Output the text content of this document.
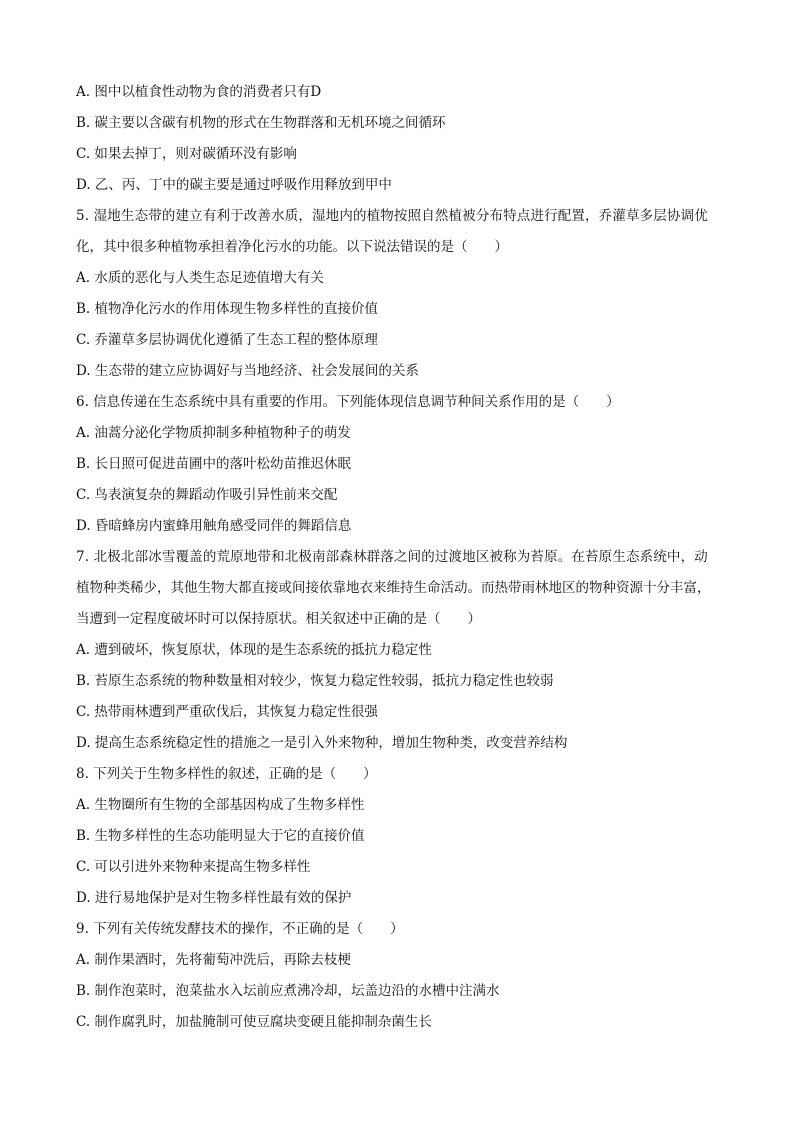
A. 图中以植食性动物为食的消费者只有D
B. 碳主要以含碳有机物的形式在生物群落和无机环境之间循环
C. 如果去掉丁，则对碳循环没有影响
D. 乙、丙、丁中的碳主要是通过呼吸作用释放到甲中
5. 湿地生态带的建立有利于改善水质，湿地内的植物按照自然植被分布特点进行配置，乔灌草多层协调优
化，其中很多种植物承担着净化污水的功能。以下说法错误的是（　　）
A. 水质的恶化与人类生态足迹值增大有关
B. 植物净化污水的作用体现生物多样性的直接价值
C. 乔灌草多层协调优化遵循了生态工程的整体原理
D. 生态带的建立应协调好与当地经济、社会发展间的关系
6. 信息传递在生态系统中具有重要的作用。下列能体现信息调节种间关系作用的是（　　）
A. 油蒿分泌化学物质抑制多种植物种子的萌发
B. 长日照可促进苗圃中的落叶松幼苗推迟休眠
C. 鸟表演复杂的舞蹈动作吸引异性前来交配
D. 昏暗蜂房内蜜蜂用触角感受同伴的舞蹈信息
7. 北极北部冰雪覆盖的荒原地带和北极南部森林群落之间的过渡地区被称为苔原。在苔原生态系统中，动
植物种类稀少，其他生物大都直接或间接依靠地衣来维持生命活动。而热带雨林地区的物种资源十分丰富，
当遭到一定程度破坏时可以保持原状。相关叙述中正确的是（　　）
A. 遭到破坏，恢复原状，体现的是生态系统的抵抗力稳定性
B. 苔原生态系统的物种数量相对较少，恢复力稳定性较弱，抵抗力稳定性也较弱
C. 热带雨林遭到严重砍伐后，其恢复力稳定性很强
D. 提高生态系统稳定性的措施之一是引入外来物种，增加生物种类，改变营养结构
8. 下列关于生物多样性的叙述，正确的是（　　）
A. 生物圈所有生物的全部基因构成了生物多样性
B. 生物多样性的生态功能明显大于它的直接价值
C. 可以引进外来物种来提高生物多样性
D. 进行易地保护是对生物多样性最有效的保护
9. 下列有关传统发酵技术的操作，不正确的是（　　）
A. 制作果酒时，先将葡萄冲洗后，再除去枝梗
B. 制作泡菜时，泡菜盐水入坛前应煮沸冷却，坛盖边沿的水槽中注满水
C. 制作腐乳时，加盐腌制可使豆腐块变硬且能抑制杂菌生长
